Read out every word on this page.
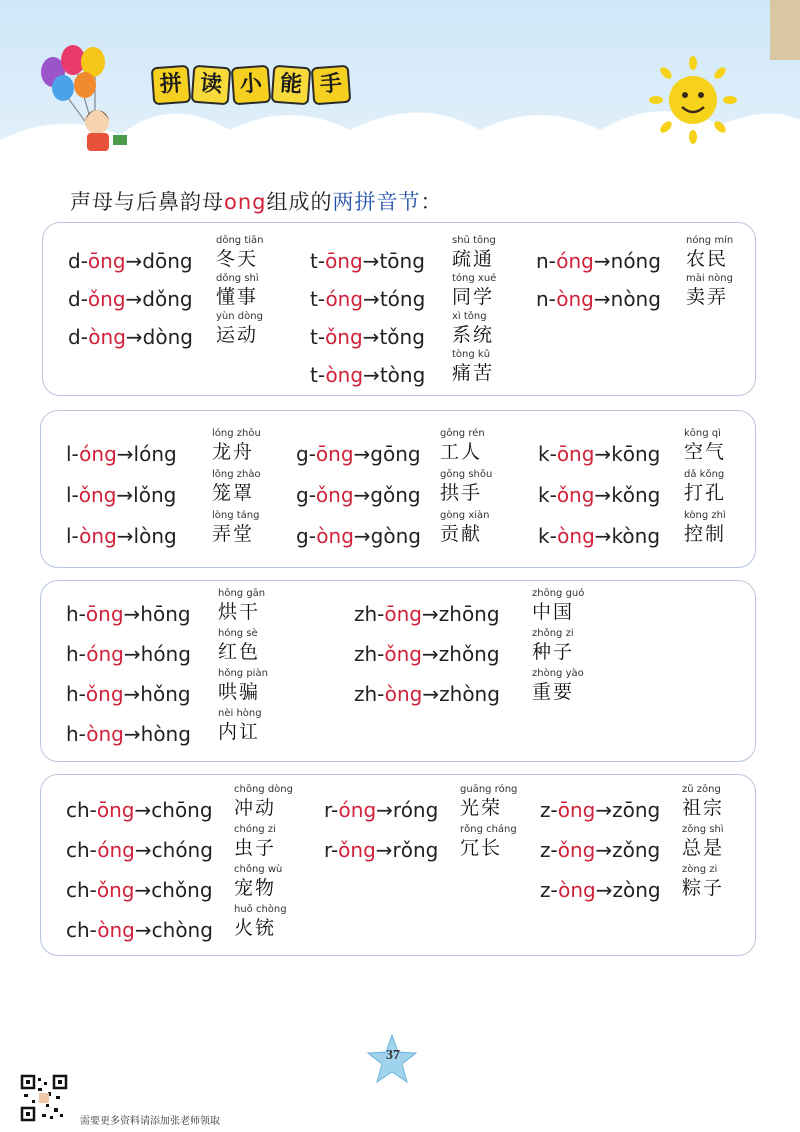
拼 读 小 能 手
声母与后鼻韵母ong组成的两拼音节：
d-ōng→dōng
dōng tiān
冬天
d-ǒng→dǒng
dǒng shì
懂事
d-òng→dòng
yùn dòng
运动
t-ōng→tōng
shū tōng
疏通
t-óng→tóng
tóng xué
同学
t-ǒng→tǒng
xì tǒng
系统
t-òng→tòng
tòng kǔ
痛苦
n-óng→nóng
nóng mín
农民
n-òng→nòng
mài nòng
卖弄
l-óng→lóng
lóng zhōu
龙舟
l-ǒng→lǒng
lǒng zhào
笼罩
l-òng→lòng
lòng táng
弄堂
g-ōng→gōng
gōng rén
工人
g-ǒng→gǒng
gǒng shǒu
拱手
g-òng→gòng
gòng xiàn
贡献
k-ōng→kōng
kōng qì
空气
k-ǒng→kǒng
dǎ kǒng
打孔
k-òng→kòng
kòng zhì
控制
h-ōng→hōng
hōng gān
烘干
h-óng→hóng
hóng sè
红色
h-ǒng→hǒng
hǒng piàn
哄骗
h-òng→hòng
nèi hòng
内讧
zh-ōng→zhōng
zhōng guó
中国
zh-ǒng→zhǒng
zhǒng zi
种子
zh-òng→zhòng
zhòng yào
重要
ch-ōng→chōng
chōng dòng
冲动
ch-óng→chóng
chóng zi
虫子
ch-ǒng→chǒng
chǒng wù
宠物
ch-òng→chòng
huǒ chòng
火铳
r-óng→róng
guāng róng
光荣
r-ǒng→rǒng
rǒng cháng
冗长
z-ōng→zōng
zǔ zōng
祖宗
z-ǒng→zǒng
zǒng shì
总是
z-òng→zòng
zòng zi
粽子
37
需要更多资料请添加张老师领取
